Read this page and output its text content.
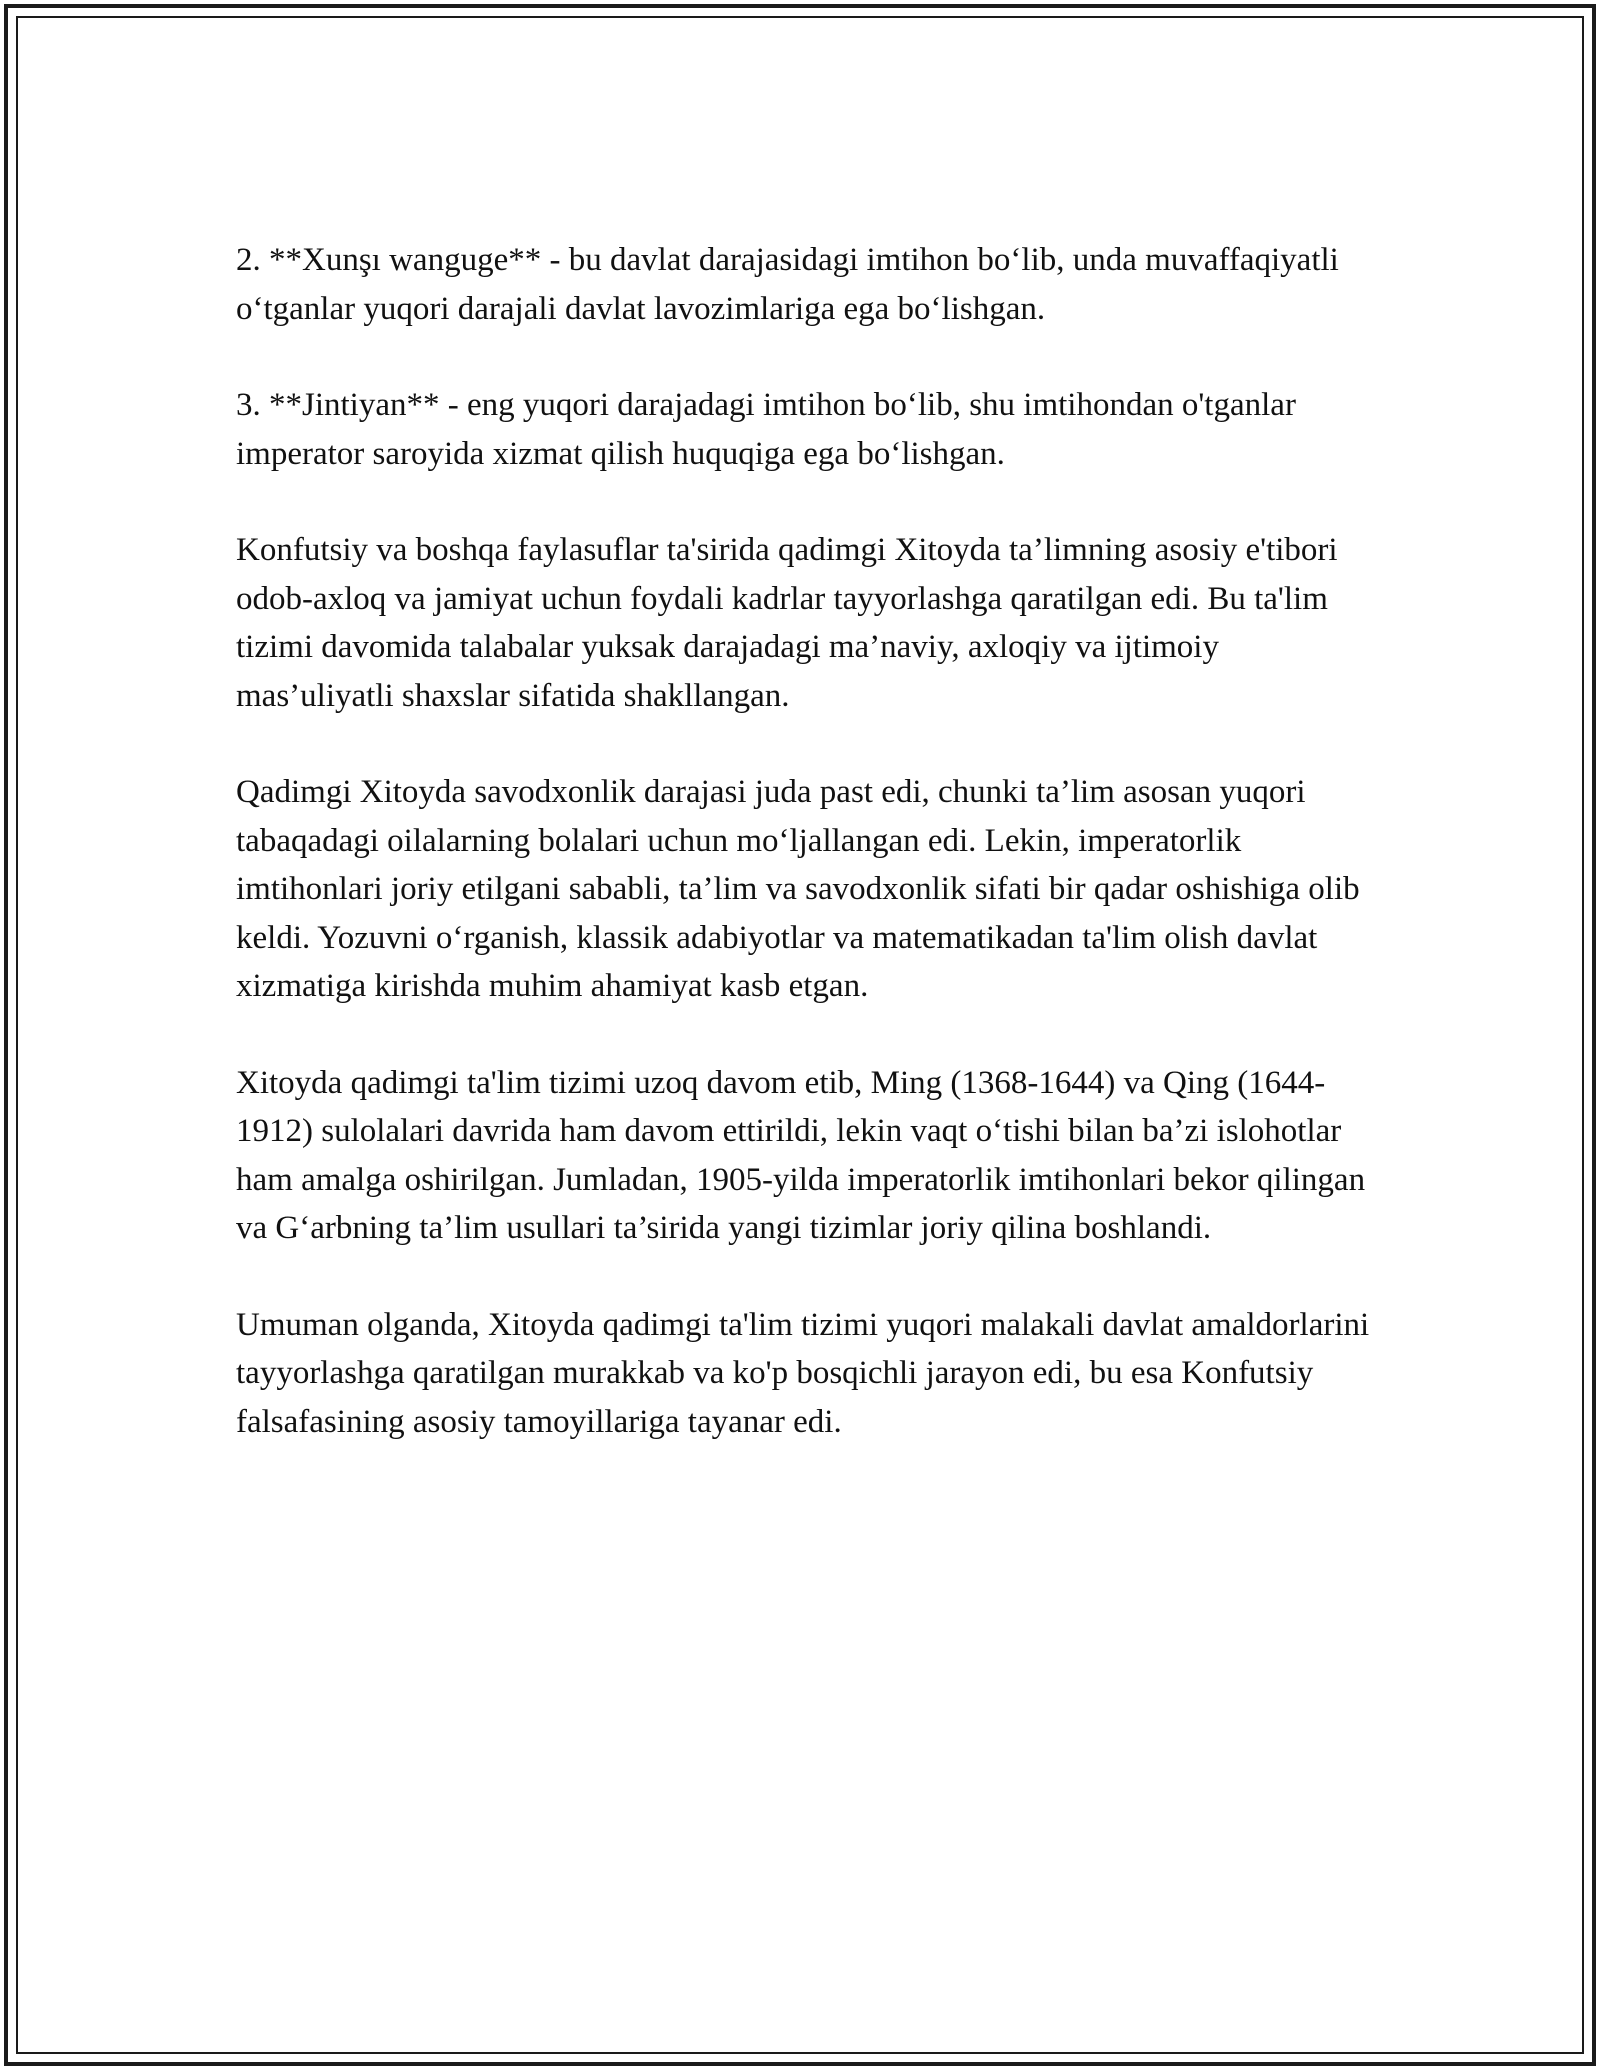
2. **Xunşı wanguge** - bu davlat darajasidagi imtihon bo‘lib, unda muvaffaqiyatli o‘tganlar yuqori darajali davlat lavozimlariga ega bo‘lishgan.

3. **Jintiyan** - eng yuqori darajadagi imtihon bo‘lib, shu imtihondan o'tganlar imperator saroyida xizmat qilish huquqiga ega bo‘lishgan.

Konfutsiy va boshqa faylasuflar ta'sirida qadimgi Xitoyda ta’limning asosiy e'tibori odob-axloq va jamiyat uchun foydali kadrlar tayyorlashga qaratilgan edi. Bu ta'lim tizimi davomida talabalar yuksak darajadagi ma’naviy, axloqiy va ijtimoiy mas’uliyatli shaxslar sifatida shakllangan.

Qadimgi Xitoyda savodxonlik darajasi juda past edi, chunki ta’lim asosan yuqori tabaqadagi oilalarning bolalari uchun mo‘ljallangan edi. Lekin, imperatorlik imtihonlari joriy etilgani sababli, ta’lim va savodxonlik sifati bir qadar oshishiga olib keldi. Yozuvni o‘rganish, klassik adabiyotlar va matematikadan ta'lim olish davlat xizmatiga kirishda muhim ahamiyat kasb etgan.

Xitoyda qadimgi ta'lim tizimi uzoq davom etib, Ming (1368-1644) va Qing (1644-1912) sulolalari davrida ham davom ettirildi, lekin vaqt o‘tishi bilan ba’zi islohotlar ham amalga oshirilgan. Jumladan, 1905-yilda imperatorlik imtihonlari bekor qilingan va G‘arbning ta’lim usullari ta’sirida yangi tizimlar joriy qilina boshlandi.

Umuman olganda, Xitoyda qadimgi ta'lim tizimi yuqori malakali davlat amaldorlarini tayyorlashga qaratilgan murakkab va ko'p bosqichli jarayon edi, bu esa Konfutsiy falsafasining asosiy tamoyillariga tayanar edi.
